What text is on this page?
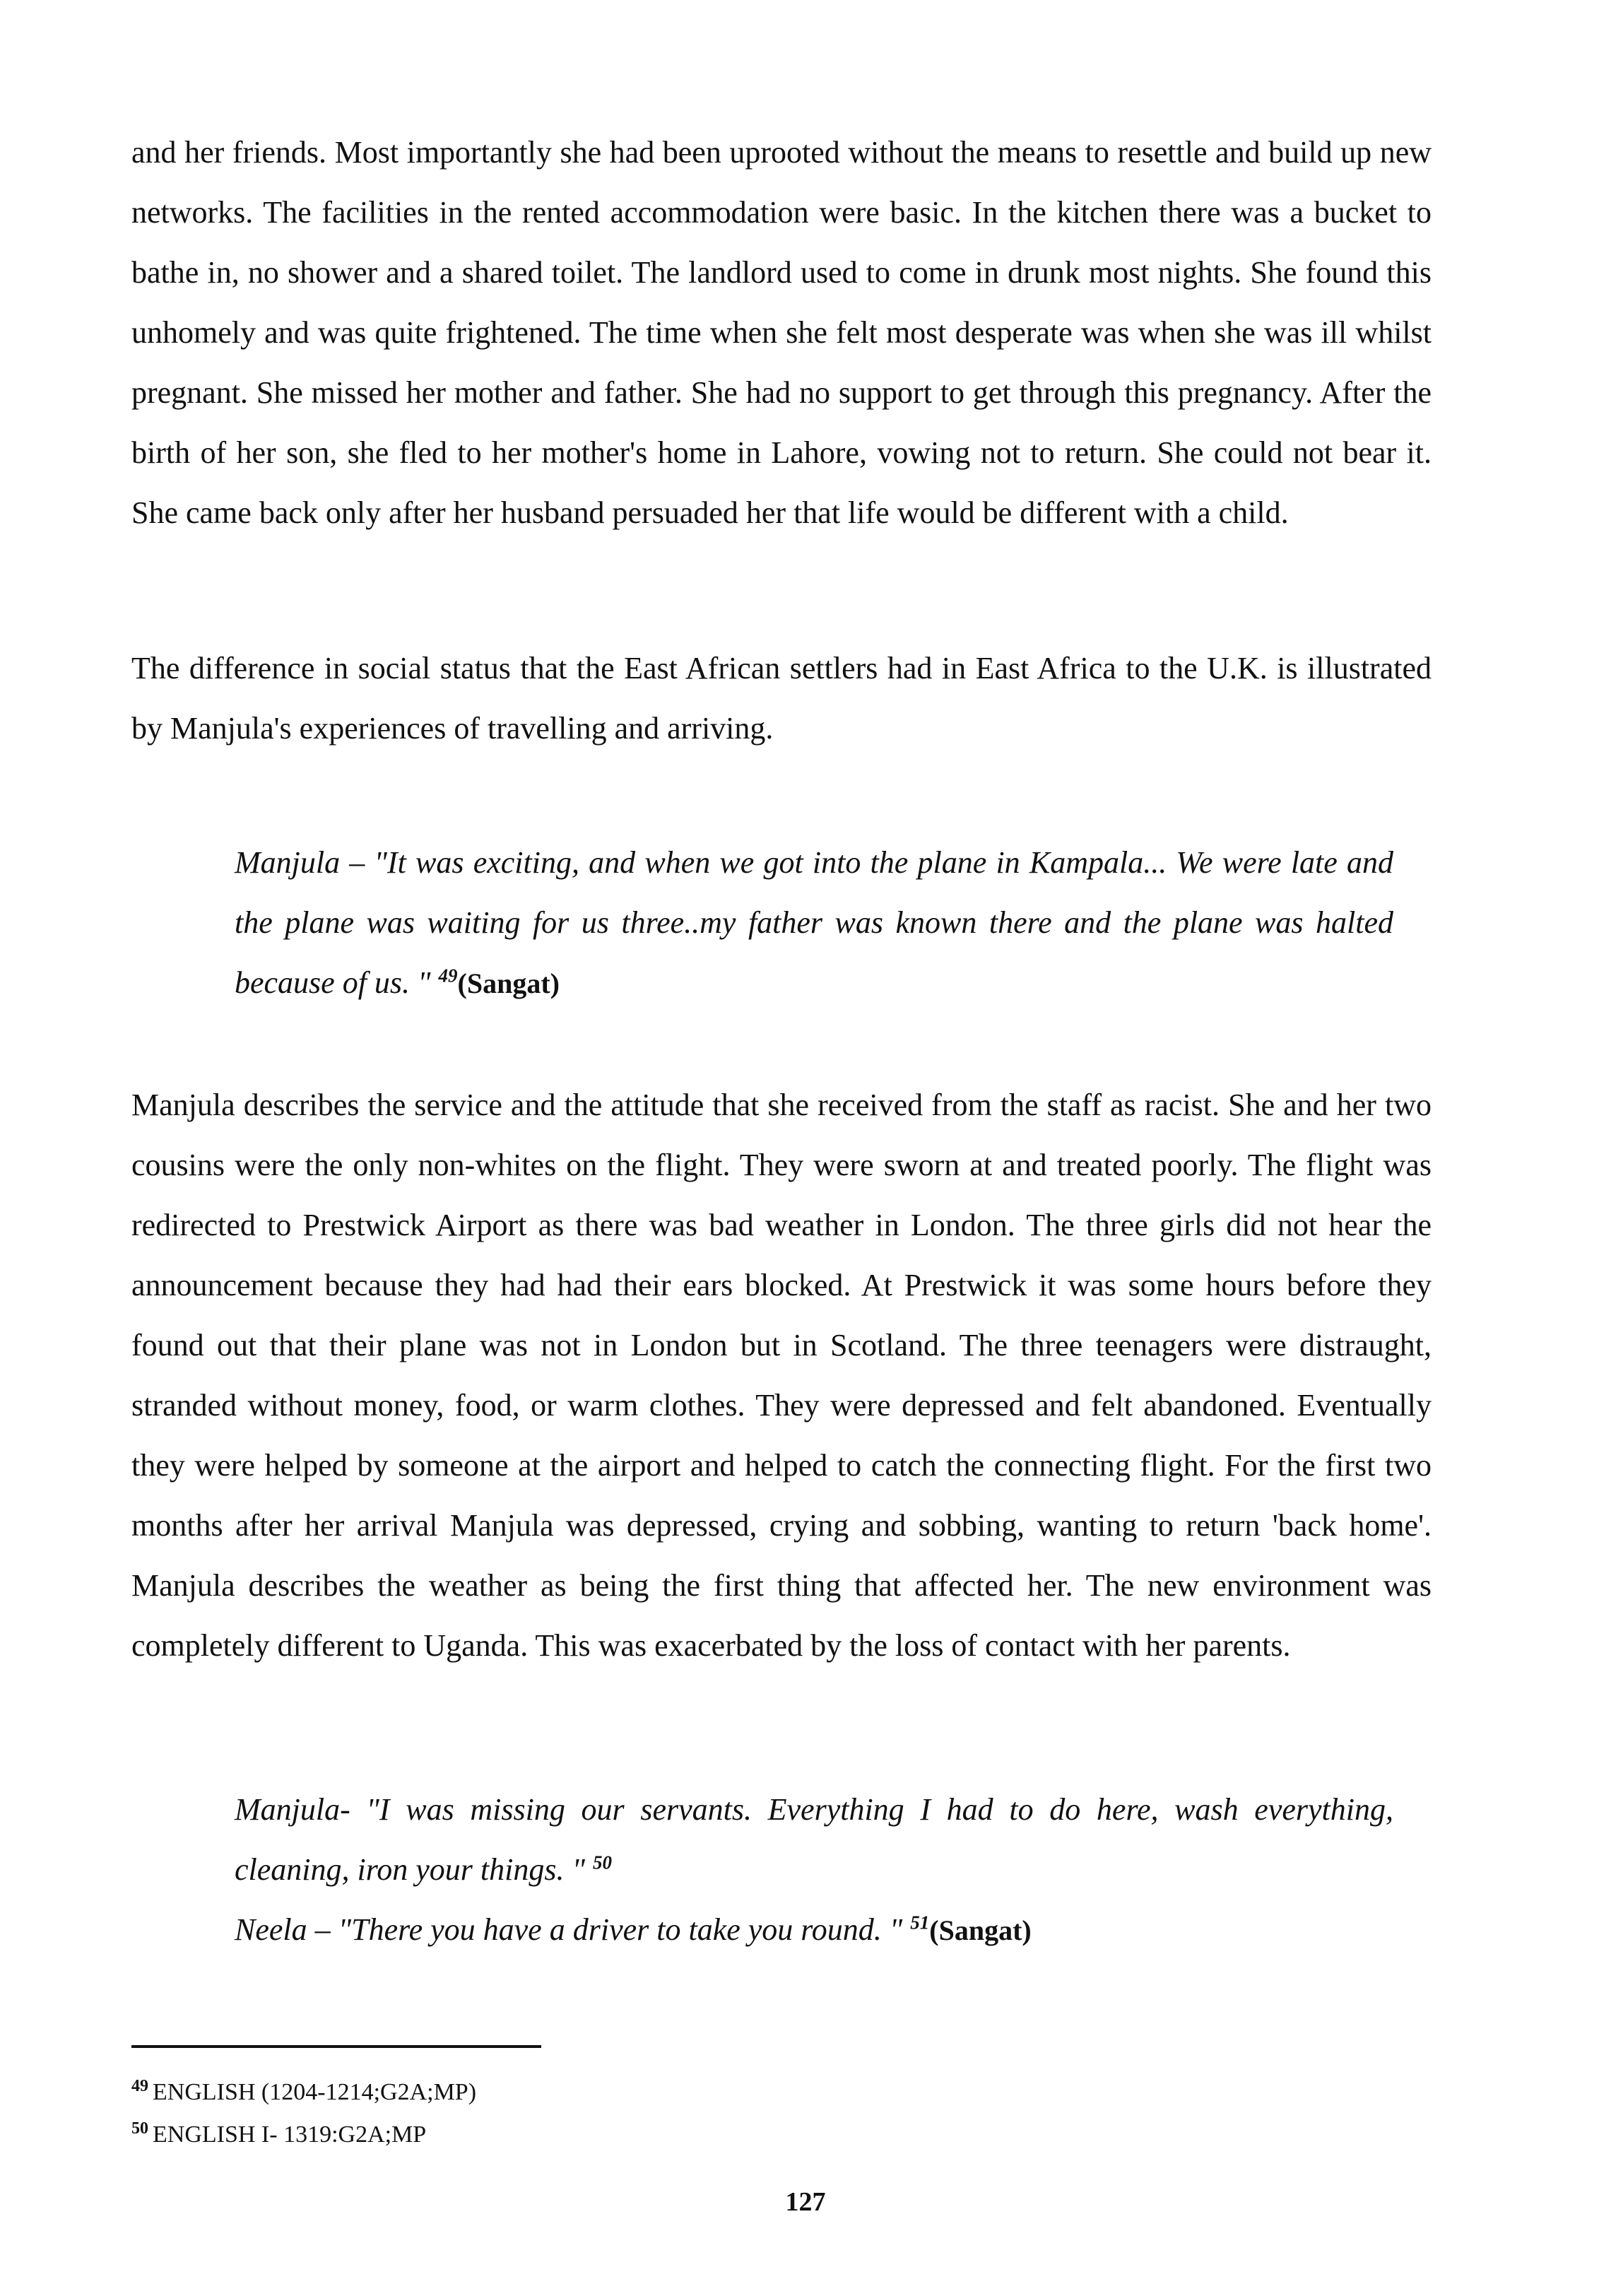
and her friends. Most importantly she had been uprooted without the means to resettle and build up new networks. The facilities in the rented accommodation were basic. In the kitchen there was a bucket to bathe in, no shower and a shared toilet. The landlord used to come in drunk most nights. She found this unhomely and was quite frightened. The time when she felt most desperate was when she was ill whilst pregnant. She missed her mother and father. She had no support to get through this pregnancy. After the birth of her son, she fled to her mother's home in Lahore, vowing not to return. She could not bear it. She came back only after her husband persuaded her that life would be different with a child.

The difference in social status that the East African settlers had in East Africa to the U.K. is illustrated by Manjula's experiences of travelling and arriving.

Manjula – "It was exciting, and when we got into the plane in Kampala... We were late and the plane was waiting for us three..my father was known there and the plane was halted because of us. " $^{49}$(Sangat)

Manjula describes the service and the attitude that she received from the staff as racist. She and her two cousins were the only non-whites on the flight. They were sworn at and treated poorly. The flight was redirected to Prestwick Airport as there was bad weather in London. The three girls did not hear the announcement because they had had their ears blocked. At Prestwick it was some hours before they found out that their plane was not in London but in Scotland. The three teenagers were distraught, stranded without money, food, or warm clothes. They were depressed and felt abandoned. Eventually they were helped by someone at the airport and helped to catch the connecting flight. For the first two months after her arrival Manjula was depressed, crying and sobbing, wanting to return 'back home'. Manjula describes the weather as being the first thing that affected her. The new environment was completely different to Uganda. This was exacerbated by the loss of contact with her parents.

Manjula- "I was missing our servants. Everything I had to do here, wash everything, cleaning, iron your things. " $^{50}$

Neela – "There you have a driver to take you round. " $^{51}$(Sangat)

$^{49}$ ENGLISH (1204-1214;G2A;MP)

$^{50}$ ENGLISH I- 1319:G2A;MP

127
